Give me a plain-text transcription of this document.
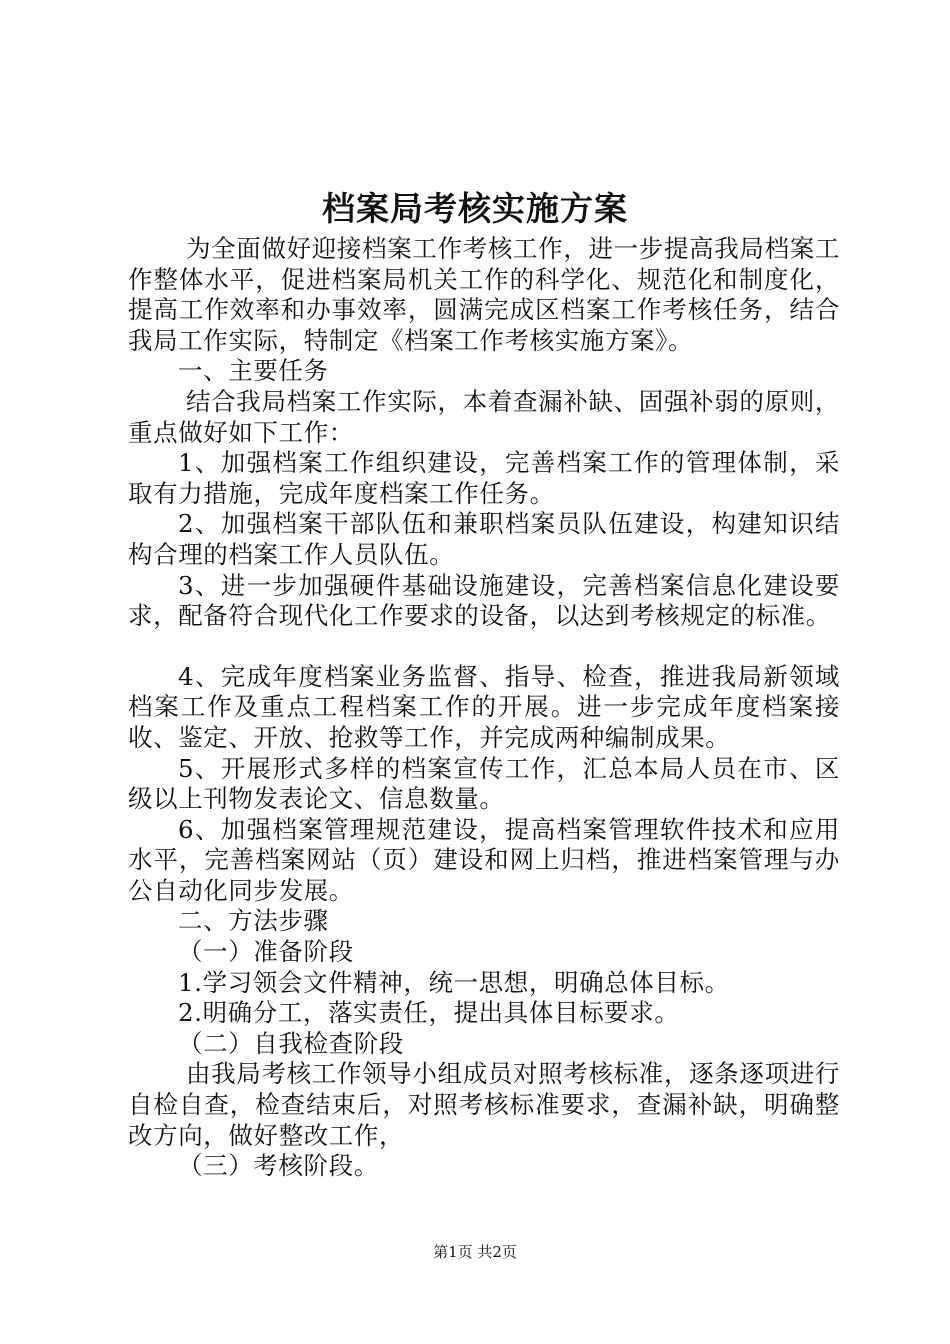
档案局考核实施方案

为全面做好迎接档案工作考核工作，进一步提高我局档案工作整体水平，促进档案局机关工作的科学化、规范化和制度化，提高工作效率和办事效率，圆满完成区档案工作考核任务，结合我局工作实际，特制定《档案工作考核实施方案》。

一、主要任务

结合我局档案工作实际，本着查漏补缺、固强补弱的原则，重点做好如下工作：

1、加强档案工作组织建设，完善档案工作的管理体制，采取有力措施，完成年度档案工作任务。

2、加强档案干部队伍和兼职档案员队伍建设，构建知识结构合理的档案工作人员队伍。

3、进一步加强硬件基础设施建设，完善档案信息化建设要求，配备符合现代化工作要求的设备，以达到考核规定的标准。

4、完成年度档案业务监督、指导、检查，推进我局新领域档案工作及重点工程档案工作的开展。进一步完成年度档案接收、鉴定、开放、抢救等工作，并完成两种编制成果。

5、开展形式多样的档案宣传工作，汇总本局人员在市、区级以上刊物发表论文、信息数量。

6、加强档案管理规范建设，提高档案管理软件技术和应用水平，完善档案网站（页）建设和网上归档，推进档案管理与办公自动化同步发展。

二、方法步骤

（一）准备阶段

1.学习领会文件精神，统一思想，明确总体目标。

2.明确分工，落实责任，提出具体目标要求。

（二）自我检查阶段

由我局考核工作领导小组成员对照考核标准，逐条逐项进行自检自查，检查结束后，对照考核标准要求，查漏补缺，明确整改方向，做好整改工作，

（三）考核阶段。

第1页 共2页
